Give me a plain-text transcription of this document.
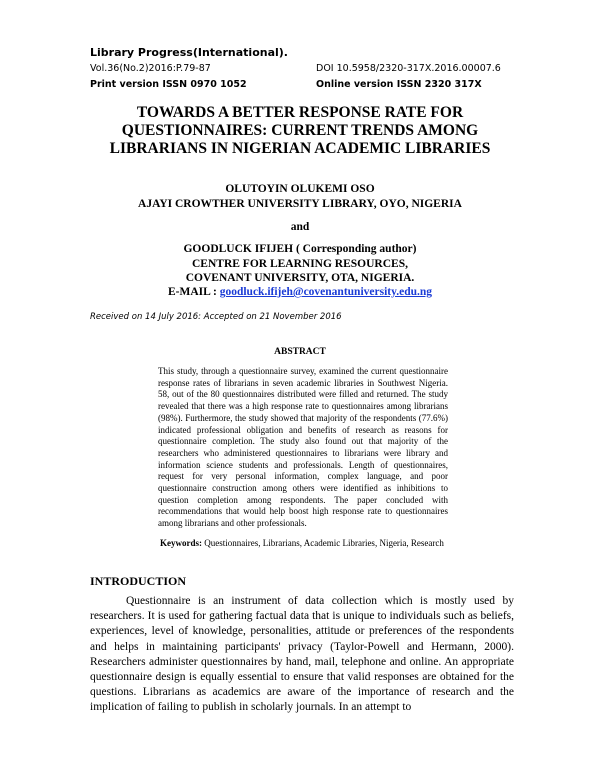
Library Progress(International).
Vol.36(No.2)2016:P.79-87	DOI 10.5958/2320-317X.2016.00007.6
Print version ISSN 0970 1052	Online version ISSN 2320 317X
TOWARDS A BETTER RESPONSE RATE FOR
QUESTIONNAIRES: CURRENT TRENDS AMONG
LIBRARIANS IN NIGERIAN ACADEMIC LIBRARIES
OLUTOYIN OLUKEMI OSO
AJAYI CROWTHER UNIVERSITY LIBRARY, OYO, NIGERIA
and
GOODLUCK IFIJEH ( Corresponding author)
CENTRE FOR LEARNING RESOURCES,
COVENANT UNIVERSITY, OTA, NIGERIA.
E-MAIL : goodluck.ifijeh@covenantuniversity.edu.ng
Received on 14 July 2016: Accepted on 21 November 2016
ABSTRACT
This study, through a questionnaire survey, examined the current questionnaire response rates of librarians in seven academic libraries in Southwest Nigeria. 58, out of the 80 questionnaires distributed were filled and returned. The study revealed that there was a high response rate to questionnaires among librarians (98%). Furthermore, the study showed that majority of the respondents (77.6%) indicated professional obligation and benefits of research as reasons for questionnaire completion. The study also found out that majority of the researchers who administered questionnaires to librarians were library and information science students and professionals. Length of questionnaires, request for very personal information, complex language, and poor questionnaire construction among others were identified as inhibitions to question completion among respondents. The paper concluded with recommendations that would help boost high response rate to questionnaires among librarians and other professionals.
Keywords: Questionnaires, Librarians, Academic Libraries, Nigeria, Research
INTRODUCTION
Questionnaire is an instrument of data collection which is mostly used by researchers. It is used for gathering factual data that is unique to individuals such as beliefs, experiences, level of knowledge, personalities, attitude or preferences of the respondents and helps in maintaining participants' privacy (Taylor-Powell and Hermann, 2000). Researchers administer questionnaires by hand, mail, telephone and online. An appropriate questionnaire design is equally essential to ensure that valid responses are obtained for the questions. Librarians as academics are aware of the importance of research and the implication of failing to publish in scholarly journals. In an attempt to
